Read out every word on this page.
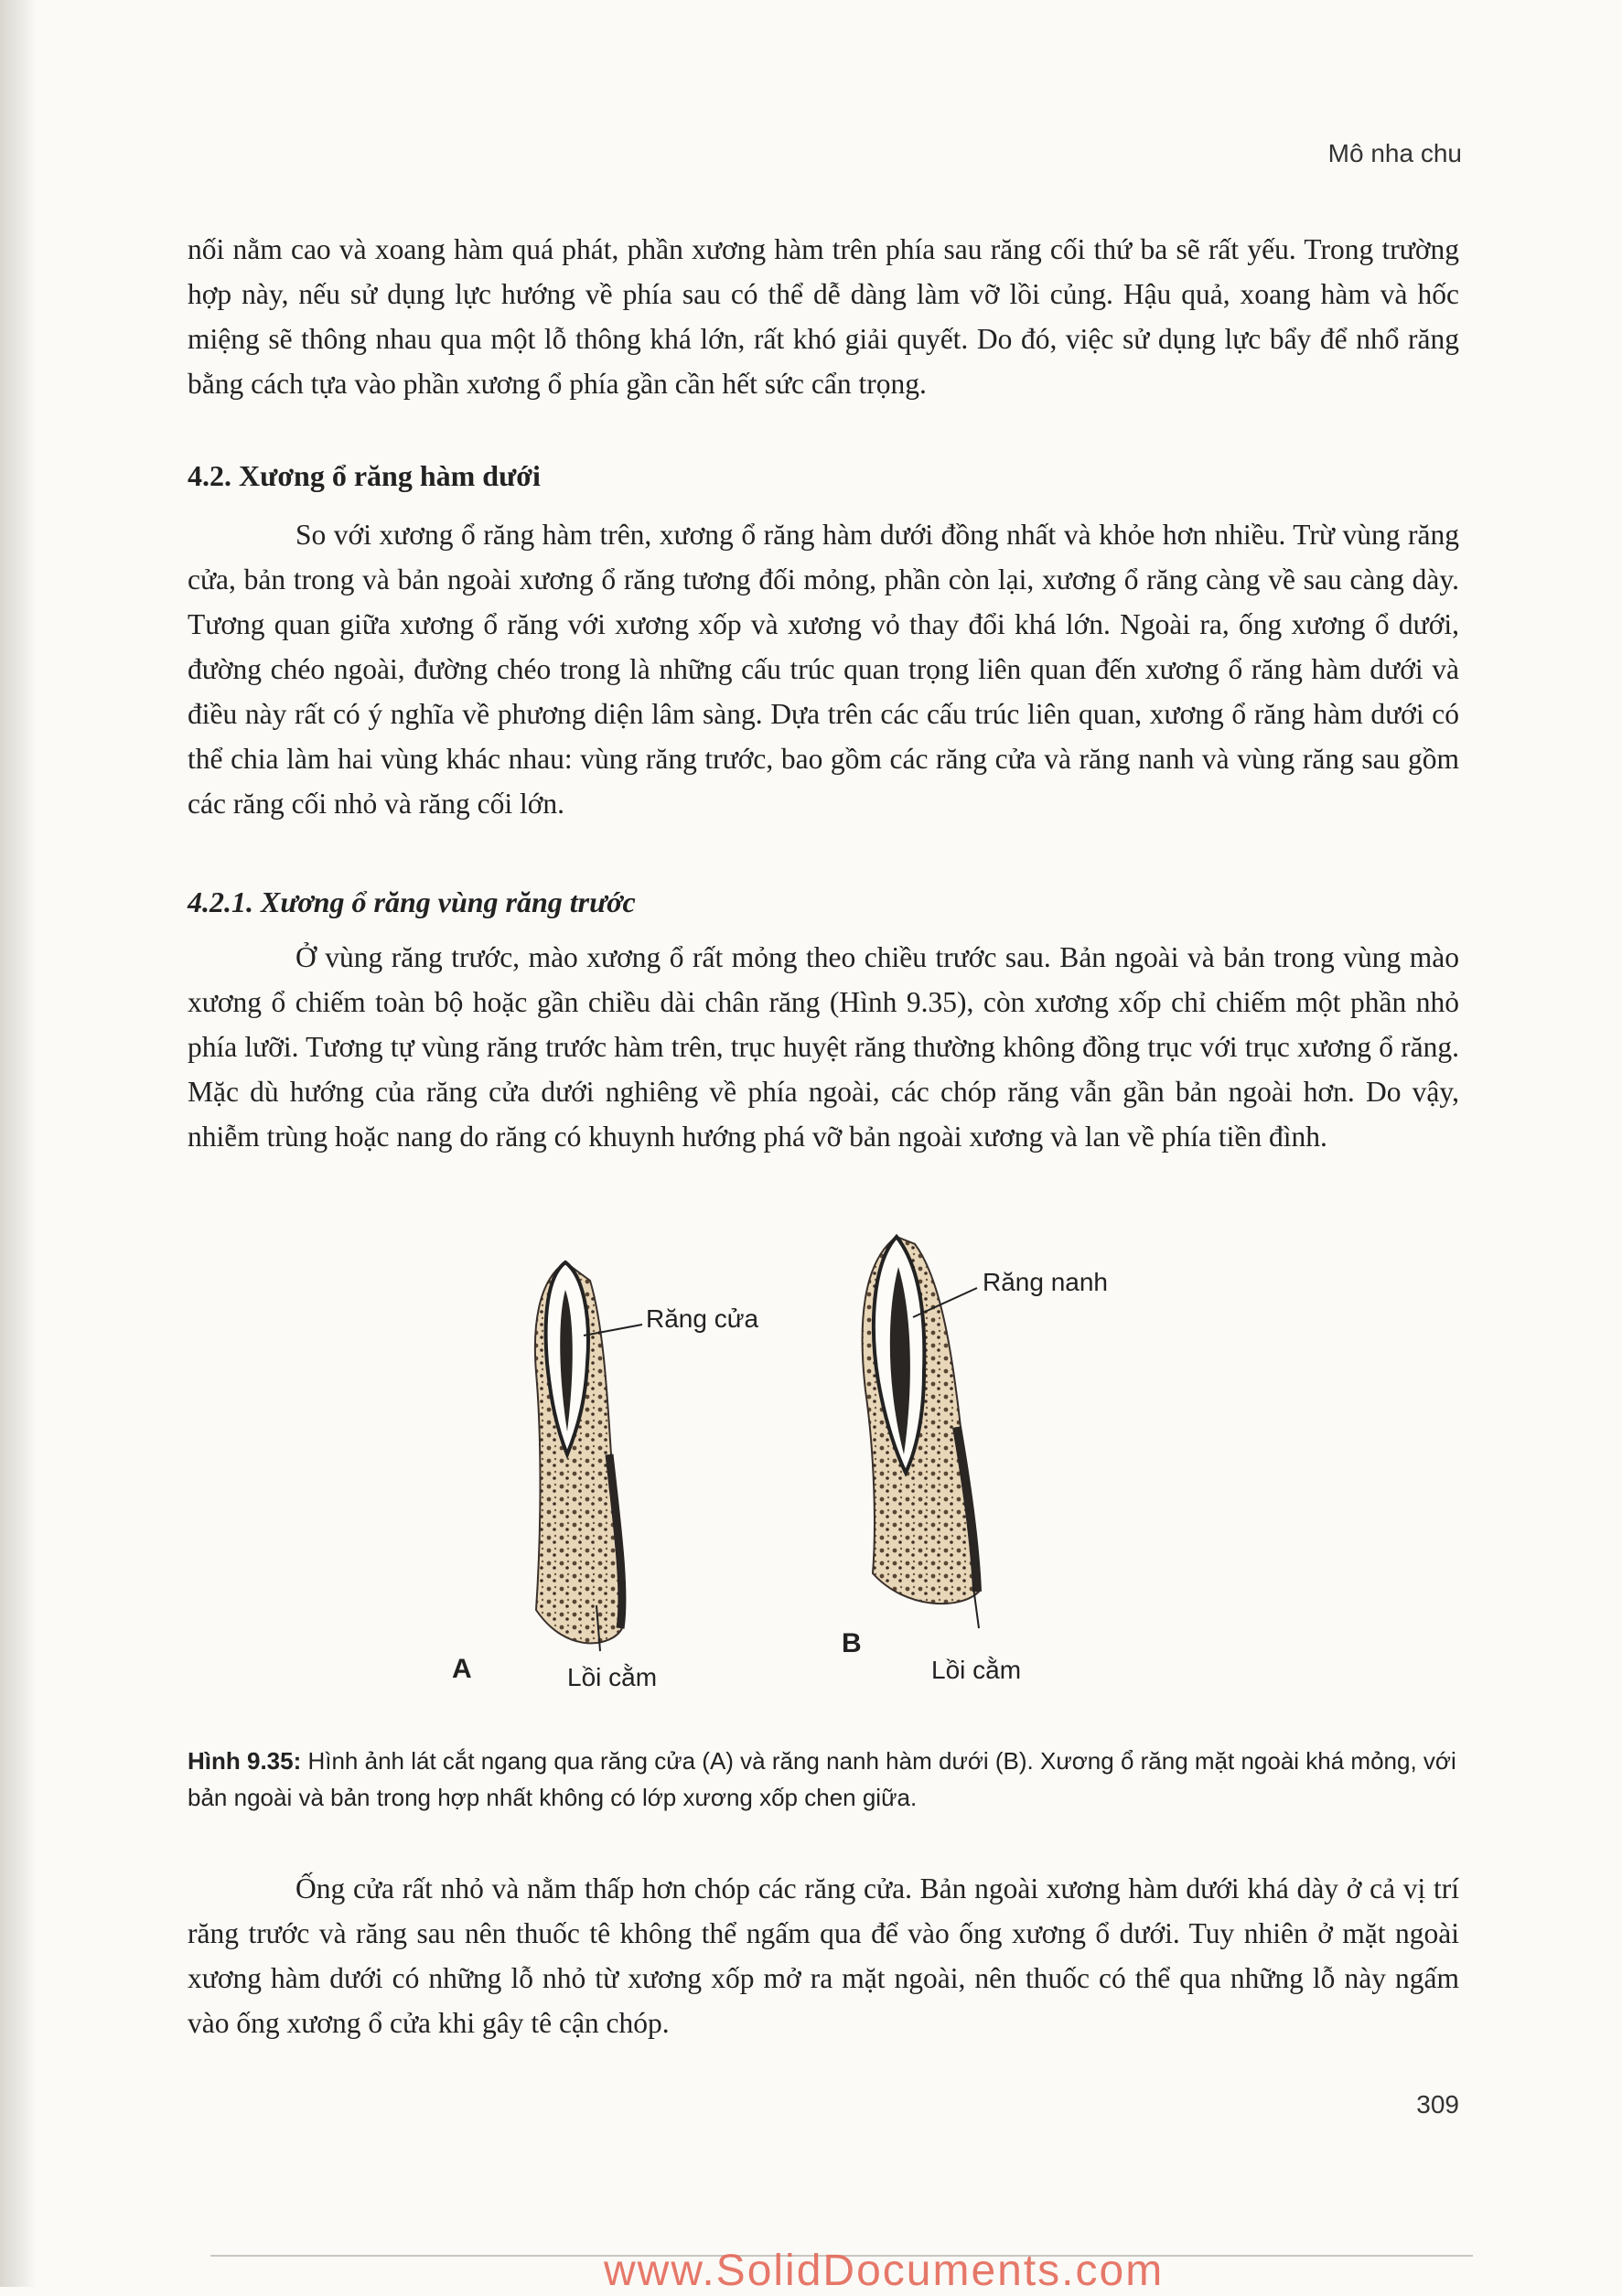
Mô nha chu

nối nằm cao và xoang hàm quá phát, phần xương hàm trên phía sau răng cối thứ ba sẽ rất yếu. Trong trường hợp này, nếu sử dụng lực hướng về phía sau có thể dễ dàng làm vỡ lồi củng. Hậu quả, xoang hàm và hốc miệng sẽ thông nhau qua một lỗ thông khá lớn, rất khó giải quyết. Do đó, việc sử dụng lực bẩy để nhổ răng bằng cách tựa vào phần xương ổ phía gần cần hết sức cẩn trọng.

4.2. Xương ổ răng hàm dưới

So với xương ổ răng hàm trên, xương ổ răng hàm dưới đồng nhất và khỏe hơn nhiều. Trừ vùng răng cửa, bản trong và bản ngoài xương ổ răng tương đối mỏng, phần còn lại, xương ổ răng càng về sau càng dày. Tương quan giữa xương ổ răng với xương xốp và xương vỏ thay đổi khá lớn. Ngoài ra, ống xương ổ dưới, đường chéo ngoài, đường chéo trong là những cấu trúc quan trọng liên quan đến xương ổ răng hàm dưới và điều này rất có ý nghĩa về phương diện lâm sàng. Dựa trên các cấu trúc liên quan, xương ổ răng hàm dưới có thể chia làm hai vùng khác nhau: vùng răng trước, bao gồm các răng cửa và răng nanh và vùng răng sau gồm các răng cối nhỏ và răng cối lớn.

4.2.1. Xương ổ răng vùng răng trước

Ở vùng răng trước, mào xương ổ rất mỏng theo chiều trước sau. Bản ngoài và bản trong vùng mào xương ổ chiếm toàn bộ hoặc gần chiều dài chân răng (Hình 9.35), còn xương xốp chỉ chiếm một phần nhỏ phía lưỡi. Tương tự vùng răng trước hàm trên, trục huyệt răng thường không đồng trục với trục xương ổ răng. Mặc dù hướng của răng cửa dưới nghiêng về phía ngoài, các chóp răng vẫn gần bản ngoài hơn. Do vậy, nhiễm trùng hoặc nang do răng có khuynh hướng phá vỡ bản ngoài xương và lan về phía tiền đình.

Răng cửa
Răng nanh
Lồi cằm	Lồi cằm
A
B

Hình 9.35: Hình ảnh lát cắt ngang qua răng cửa (A) và răng nanh hàm dưới (B). Xương ổ răng mặt ngoài khá mỏng, với bản ngoài và bản trong hợp nhất không có lớp xương xốp chen giữa.

Ống cửa rất nhỏ và nằm thấp hơn chóp các răng cửa. Bản ngoài xương hàm dưới khá dày ở cả vị trí răng trước và răng sau nên thuốc tê không thể ngấm qua để vào ống xương ổ dưới. Tuy nhiên ở mặt ngoài xương hàm dưới có những lỗ nhỏ từ xương xốp mở ra mặt ngoài, nên thuốc có thể qua những lỗ này ngấm vào ống xương ổ cửa khi gây tê cận chóp.

309
www.SolidDocuments.com
